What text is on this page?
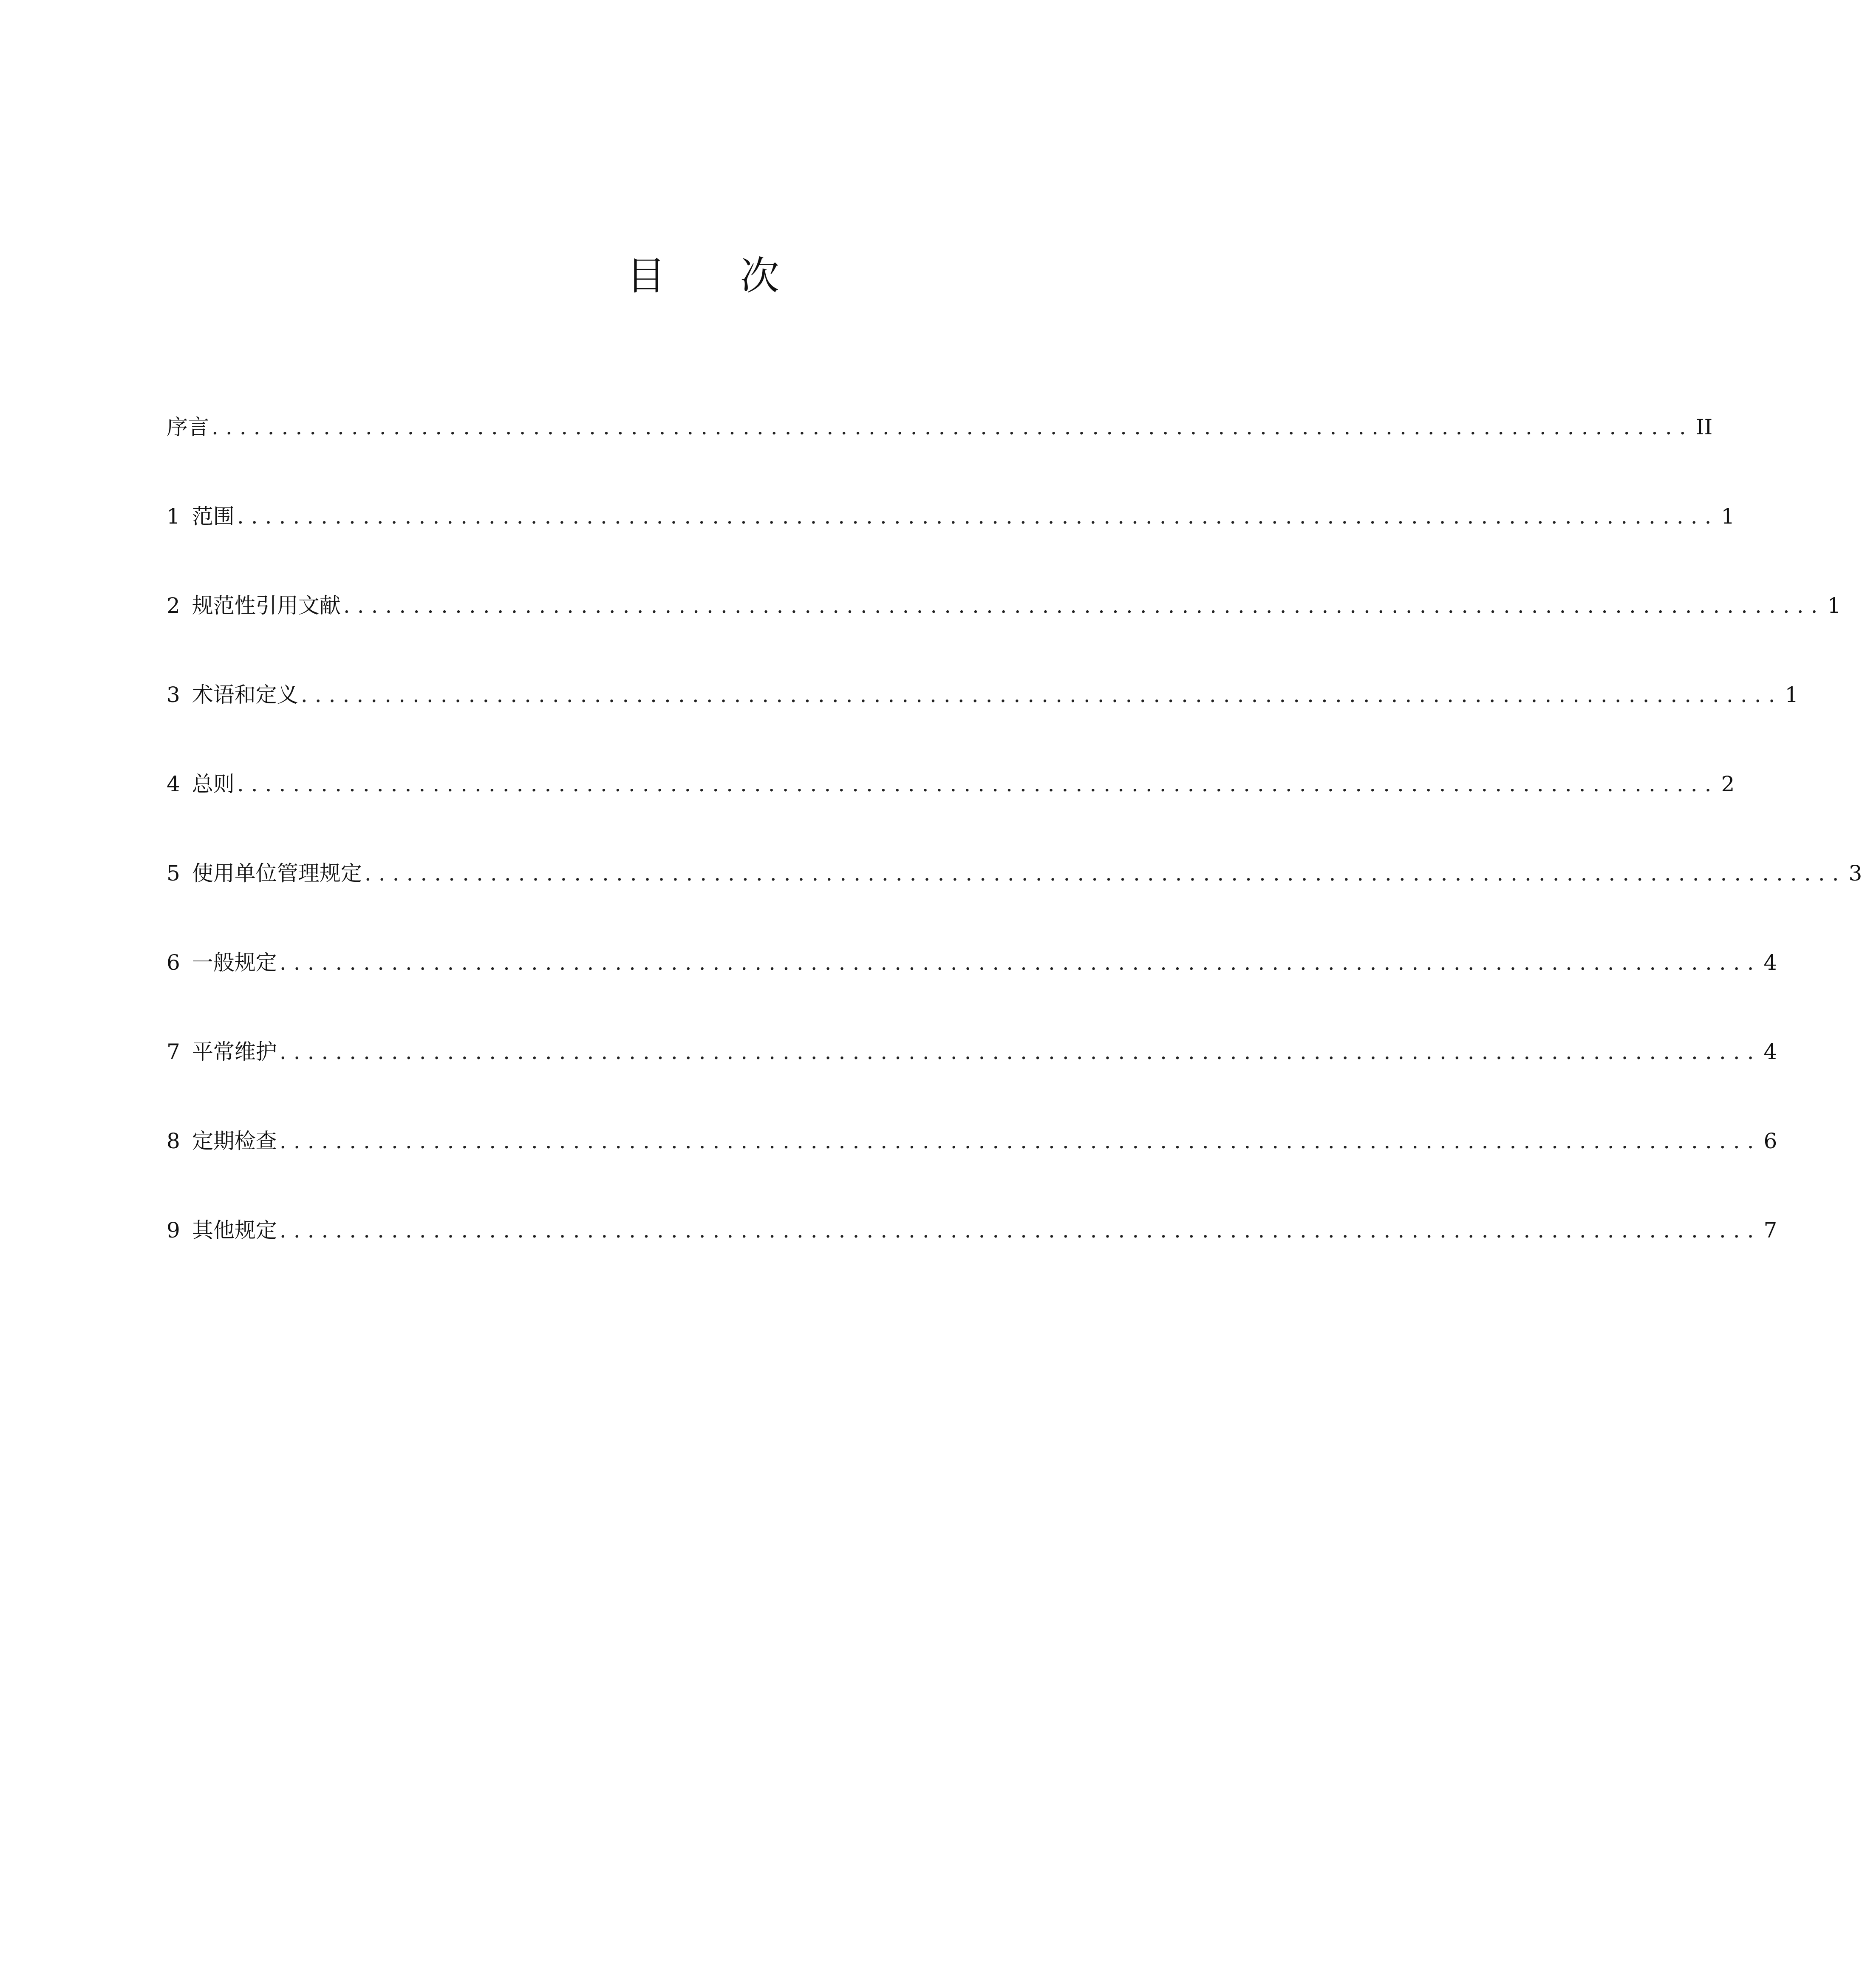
目      次
序言 .......................................................................................................... II
1 范围 .......................................................................................................... 1
2 规范性引用文献 .......................................................................................................... 1
3 术语和定义 .......................................................................................................... 1
4 总则 .......................................................................................................... 2
5 使用单位管理规定 .......................................................................................................... 3
6 一般规定 .......................................................................................................... 4
7 平常维护 .......................................................................................................... 4
8 定期检查 .......................................................................................................... 6
9 其他规定 .......................................................................................................... 7
